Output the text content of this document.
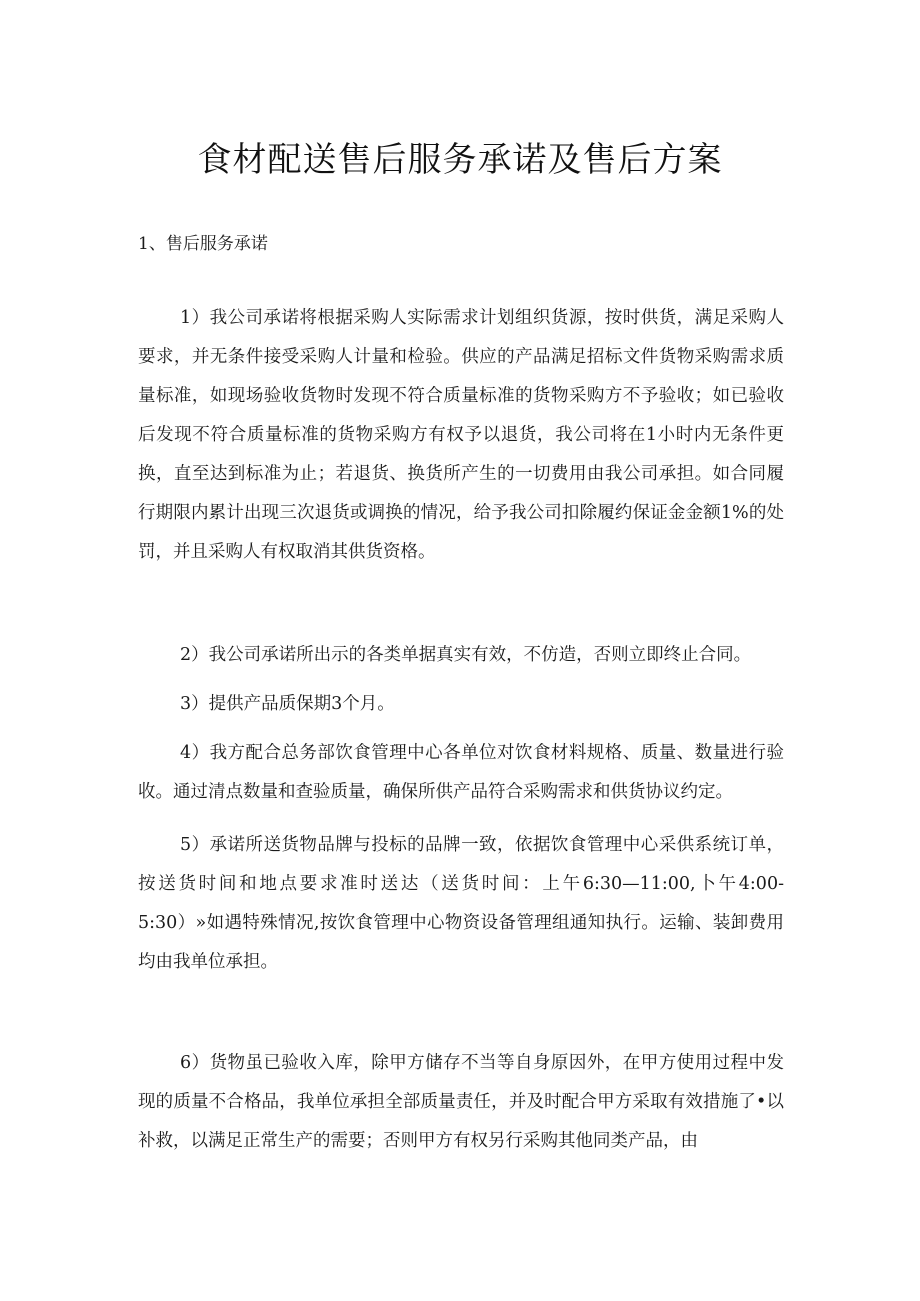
食材配送售后服务承诺及售后方案
1、售后服务承诺

1）我公司承诺将根据采购人实际需求计划组织货源，按时供货，满足采购人要求，并无条件接受采购人计量和检验。供应的产品满足招标文件货物采购需求质量标准，如现场验收货物时发现不符合质量标准的货物采购方不予验收；如已验收后发现不符合质量标准的货物采购方有权予以退货，我公司将在1小时内无条件更换，直至达到标准为止；若退货、换货所产生的一切费用由我公司承担。如合同履行期限内累计出现三次退货或调换的情况，给予我公司扣除履约保证金金额1%的处罚，并且采购人有权取消其供货资格。

2）我公司承诺所出示的各类单据真实有效，不仿造，否则立即终止合同。

3）提供产品质保期3个月。

4）我方配合总务部饮食管理中心各单位对饮食材料规格、质量、数量进行验收。通过清点数量和查验质量，确保所供产品符合采购需求和供货协议约定。

5）承诺所送货物品牌与投标的品牌一致，依据饮食管理中心采供系统订单，按送货时间和地点要求准时送达（送货时间：上午6:30—11:00,卜午4:00-5:30）»如遇特殊情况,按饮食管理中心物资设备管理组通知执行。运输、装卸费用均由我单位承担。

6）货物虽已验收入库，除甲方储存不当等自身原因外，在甲方使用过程中发现的质量不合格品，我单位承担全部质量责任，并及时配合甲方采取有效措施了•以补救，以满足正常生产的需要；否则甲方有权另行采购其他同类产品，由
